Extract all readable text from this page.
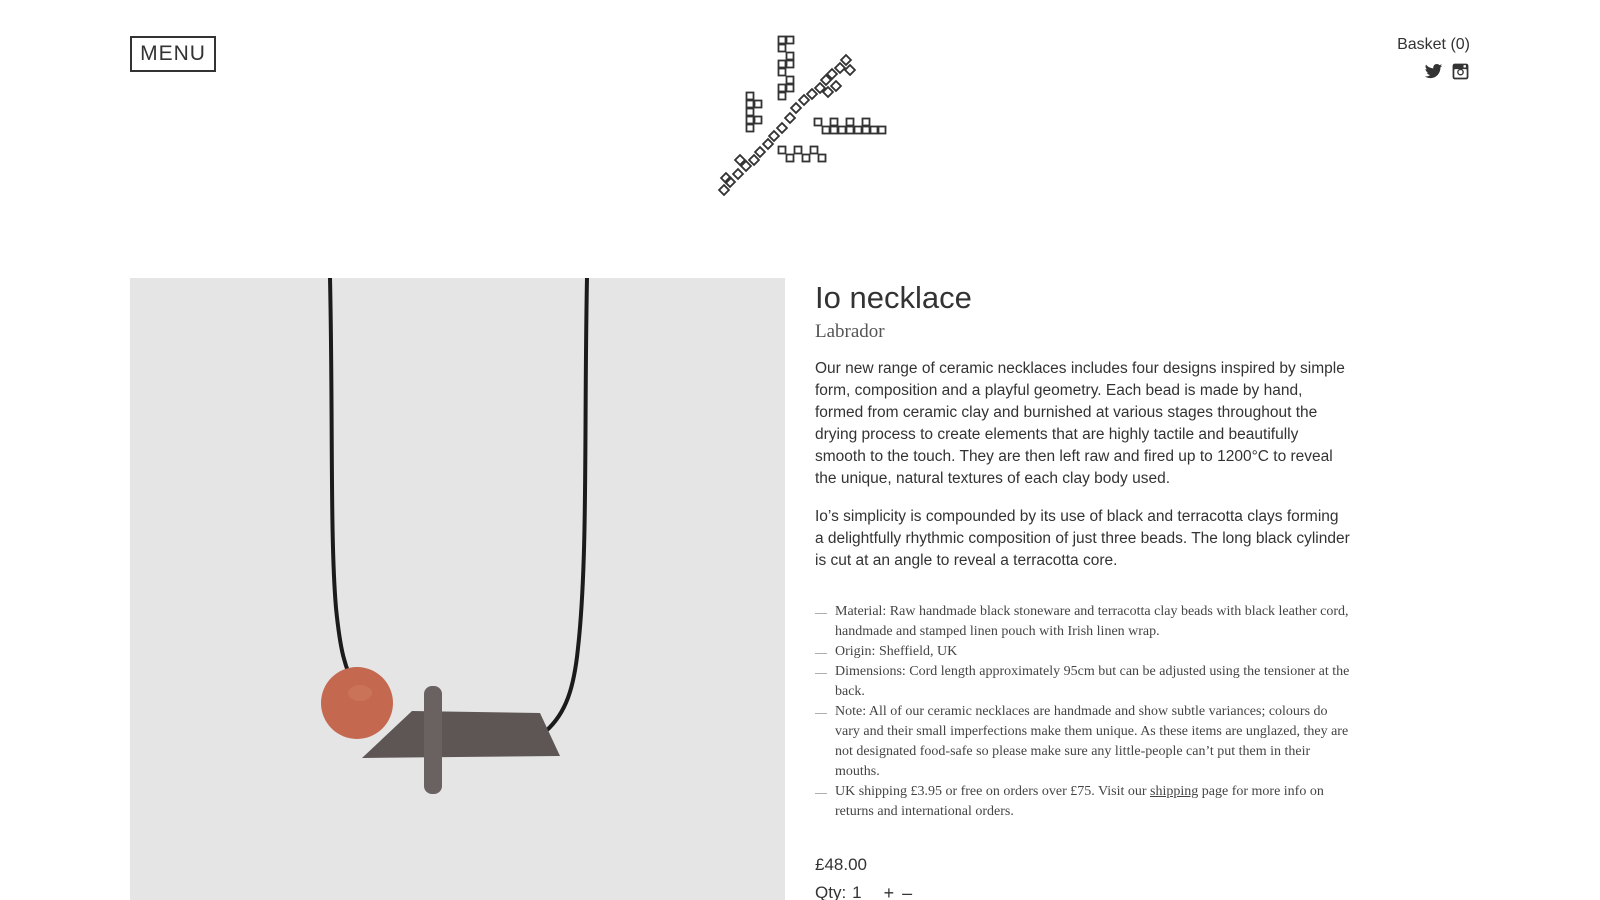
MENU	Basket (0)
Io necklace
Labrador

Our new range of ceramic necklaces includes four designs inspired by simple form, composition and a playful geometry. Each bead is made by hand, formed from ceramic clay and burnished at various stages throughout the drying process to create elements that are highly tactile and beautifully smooth to the touch. They are then left raw and fired up to 1200°C to reveal the unique, natural textures of each clay body used.

Io’s simplicity is compounded by its use of black and terracotta clays forming a delightfully rhythmic composition of just three beads. The long black cylinder is cut at an angle to reveal a terracotta core.

— Material: Raw handmade black stoneware and terracotta clay beads with black leather cord, handmade and stamped linen pouch with Irish linen wrap.
— Origin: Sheffield, UK
— Dimensions: Cord length approximately 95cm but can be adjusted using the tensioner at the back.
— Note: All of our ceramic necklaces are handmade and show subtle variances; colours do vary and their small imperfections make them unique. As these items are unglazed, they are not designated food-safe so please make sure any little-people can’t put them in their mouths.
— UK shipping £3.95 or free on orders over £75. Visit our shipping page for more info on returns and international orders.
£48.00
Qty: 1 + –
